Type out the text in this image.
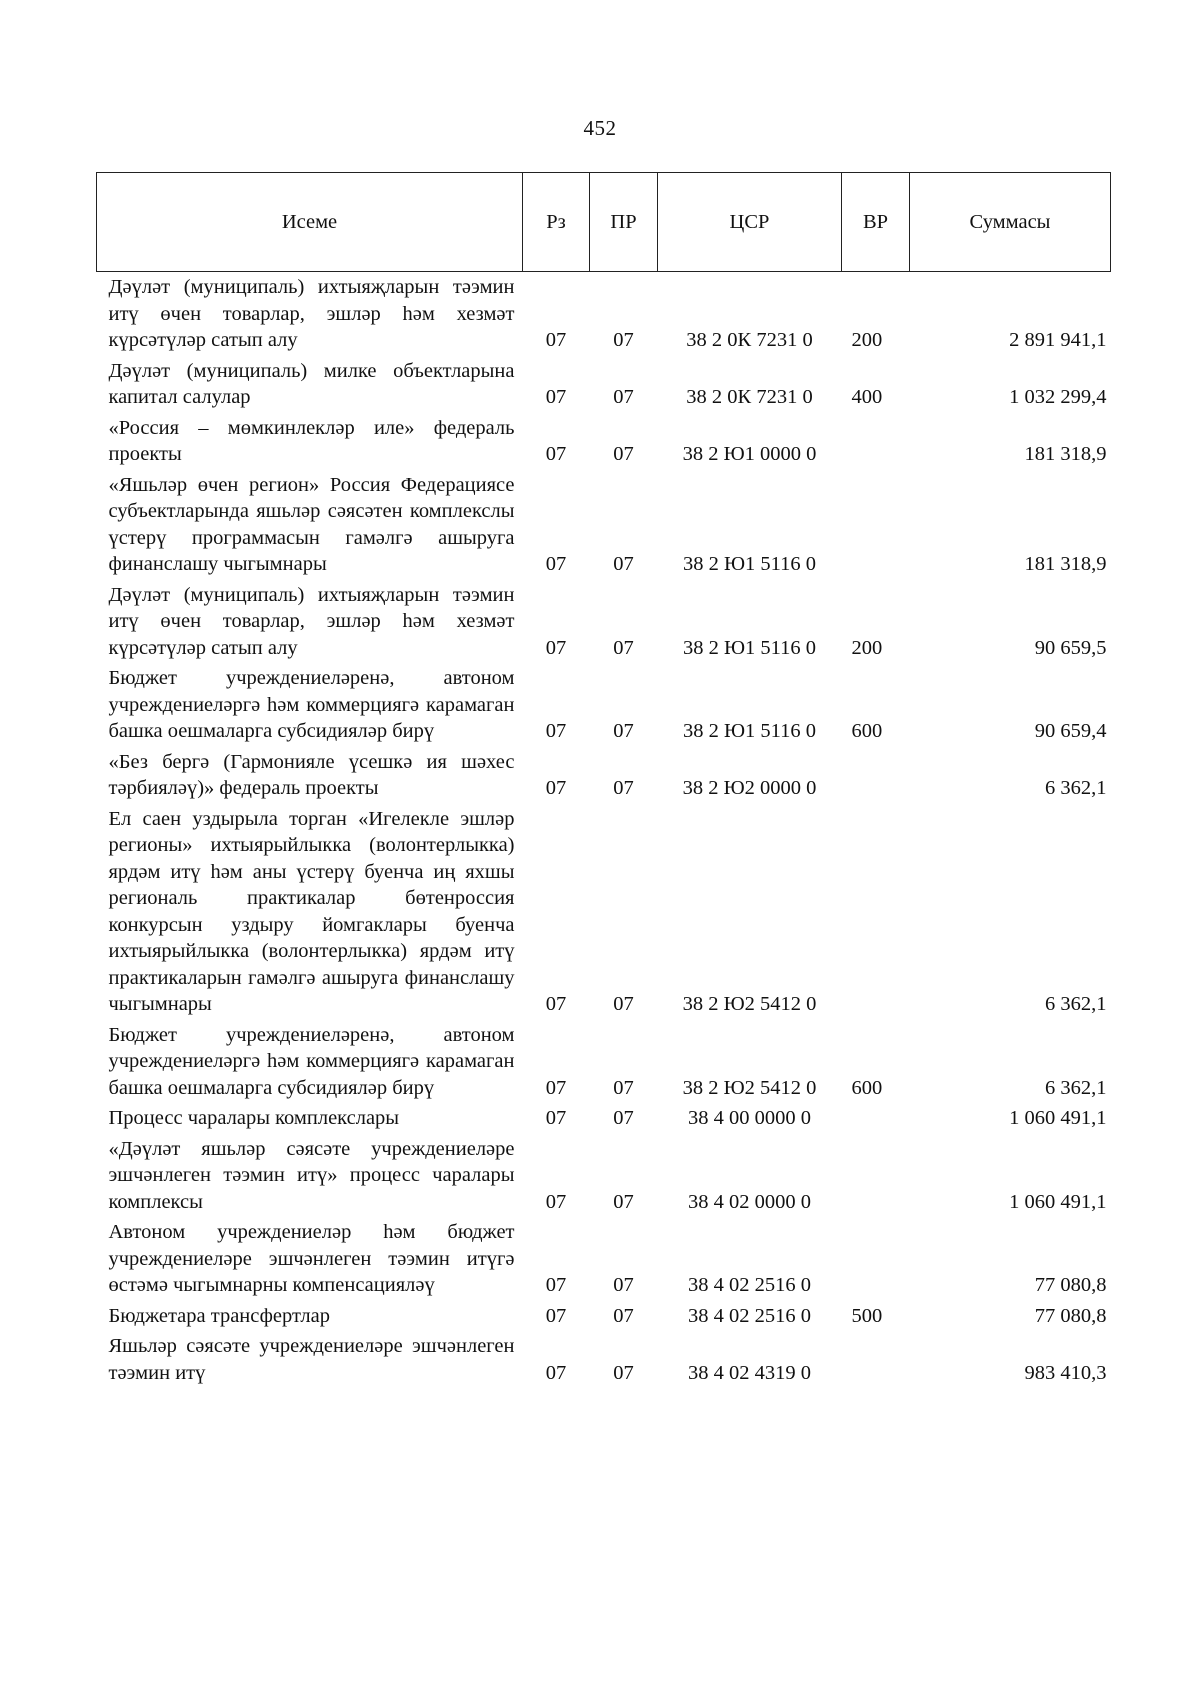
452
Исеме	Рз	ПР	ЦСР	ВР	Суммасы
Дәүләт (муниципаль) ихтыяҗларын тәэмин итү өчен товарлар, эшләр һәм хезмәт күрсәтүләр сатып алу	07	07	38 2 0К 7231 0	200	2 891 941,1
Дәүләт (муниципаль) милке объектларына капитал салулар	07	07	38 2 0К 7231 0	400	1 032 299,4
«Россия – мөмкинлекләр иле» федераль проекты	07	07	38 2 Ю1 0000 0		181 318,9
«Яшьләр өчен регион» Россия Федерациясе субъектларында яшьләр сәясәтен комплекслы үстерү программасын гамәлгә ашыруга финанслашу чыгымнары	07	07	38 2 Ю1 5116 0		181 318,9
Дәүләт (муниципаль) ихтыяҗларын тәэмин итү өчен товарлар, эшләр һәм хезмәт күрсәтүләр сатып алу	07	07	38 2 Ю1 5116 0	200	90 659,5
Бюджет учреждениеләренә, автоном учреждениеләргә һәм коммерциягә карамаган башка оешмаларга субсидияләр бирү	07	07	38 2 Ю1 5116 0	600	90 659,4
«Без бергә (Гармонияле үсешкә ия шәхес тәрбияләү)» федераль проекты	07	07	38 2 Ю2 0000 0		6 362,1
Ел саен уздырыла торган «Игелекле эшләр регионы» ихтыярыйлыкка (волонтерлыкка) ярдәм итү һәм аны үстерү буенча иң яхшы региональ практикалар бөтенроссия конкурсын уздыру йомгаклары буенча ихтыярыйлыкка (волонтерлыкка) ярдәм итү практикаларын гамәлгә ашыруга финанслашу чыгымнары	07	07	38 2 Ю2 5412 0		6 362,1
Бюджет учреждениеләренә, автоном учреждениеләргә һәм коммерциягә карамаган башка оешмаларга субсидияләр бирү	07	07	38 2 Ю2 5412 0	600	6 362,1
Процесс чаралары комплекслары	07	07	38 4 00 0000 0		1 060 491,1
«Дәүләт яшьләр сәясәте учреждениеләре эшчәнлеген тәэмин итү» процесс чаралары комплексы	07	07	38 4 02 0000 0		1 060 491,1
Автоном учреждениеләр һәм бюджет учреждениеләре эшчәнлеген тәэмин итүгә өстәмә чыгымнарны компенсацияләү	07	07	38 4 02 2516 0		77 080,8
Бюджетара трансфертлар	07	07	38 4 02 2516 0	500	77 080,8
Яшьләр сәясәте учреждениеләре эшчәнлеген тәэмин итү	07	07	38 4 02 4319 0		983 410,3
